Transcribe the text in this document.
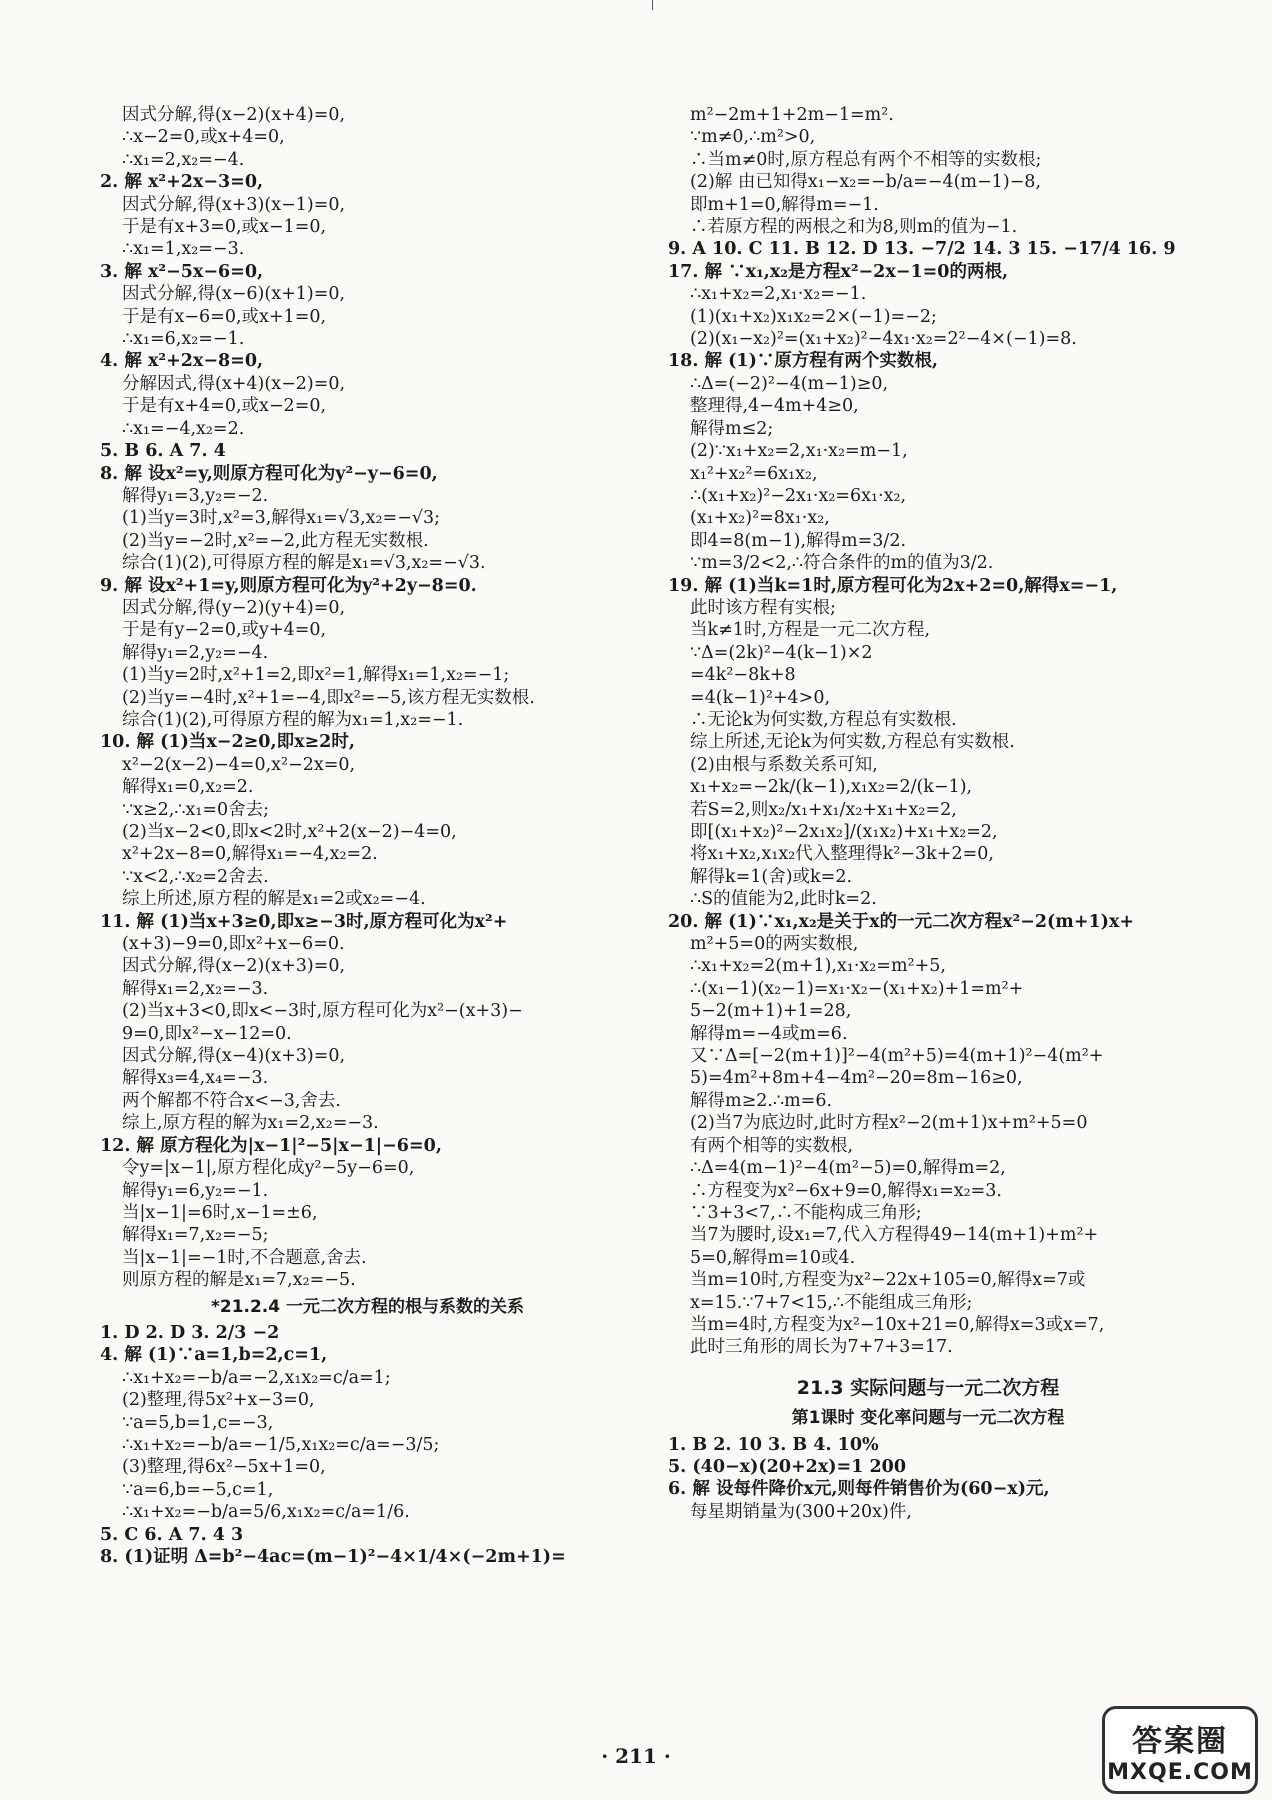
因式分解,得(x−2)(x+4)=0,
∴x−2=0,或x+4=0,
∴x₁=2,x₂=−4.
2. 解 x²+2x−3=0,
因式分解,得(x+3)(x−1)=0,
于是有x+3=0,或x−1=0,
∴x₁=1,x₂=−3.
3. 解 x²−5x−6=0,
因式分解,得(x−6)(x+1)=0,
于是有x−6=0,或x+1=0,
∴x₁=6,x₂=−1.
4. 解 x²+2x−8=0,
分解因式,得(x+4)(x−2)=0,
于是有x+4=0,或x−2=0,
∴x₁=−4,x₂=2.
5. B 6. A 7. 4
8. 解 设x²=y,则原方程可化为y²−y−6=0,
解得y₁=3,y₂=−2.
(1)当y=3时,x²=3,解得x₁=√3,x₂=−√3;
(2)当y=−2时,x²=−2,此方程无实数根.
综合(1)(2),可得原方程的解是x₁=√3,x₂=−√3.
9. 解 设x²+1=y,则原方程可化为y²+2y−8=0.
因式分解,得(y−2)(y+4)=0,
于是有y−2=0,或y+4=0,
解得y₁=2,y₂=−4.
(1)当y=2时,x²+1=2,即x²=1,解得x₁=1,x₂=−1;
(2)当y=−4时,x²+1=−4,即x²=−5,该方程无实数根.
综合(1)(2),可得原方程的解为x₁=1,x₂=−1.
10. 解 (1)当x−2≥0,即x≥2时,
x²−2(x−2)−4=0,x²−2x=0,
解得x₁=0,x₂=2.
∵x≥2,∴x₁=0舍去;
(2)当x−2<0,即x<2时,x²+2(x−2)−4=0,
x²+2x−8=0,解得x₁=−4,x₂=2.
∵x<2,∴x₂=2舍去.
综上所述,原方程的解是x₁=2或x₂=−4.
11. 解 (1)当x+3≥0,即x≥−3时,原方程可化为x²+
(x+3)−9=0,即x²+x−6=0.
因式分解,得(x−2)(x+3)=0,
解得x₁=2,x₂=−3.
(2)当x+3<0,即x<−3时,原方程可化为x²−(x+3)−
9=0,即x²−x−12=0.
因式分解,得(x−4)(x+3)=0,
解得x₃=4,x₄=−3.
两个解都不符合x<−3,舍去.
综上,原方程的解为x₁=2,x₂=−3.
12. 解 原方程化为|x−1|²−5|x−1|−6=0,
令y=|x−1|,原方程化成y²−5y−6=0,
解得y₁=6,y₂=−1.
当|x−1|=6时,x−1=±6,
解得x₁=7,x₂=−5;
当|x−1|=−1时,不合题意,舍去.
则原方程的解是x₁=7,x₂=−5.
*21.2.4 一元二次方程的根与系数的关系
1. D 2. D 3. 2/3 −2
4. 解 (1)∵a=1,b=2,c=1,
∴x₁+x₂=−b/a=−2,x₁x₂=c/a=1;
(2)整理,得5x²+x−3=0,
∵a=5,b=1,c=−3,
∴x₁+x₂=−b/a=−1/5,x₁x₂=c/a=−3/5;
(3)整理,得6x²−5x+1=0,
∵a=6,b=−5,c=1,
∴x₁+x₂=−b/a=5/6,x₁x₂=c/a=1/6.
5. C 6. A 7. 4 3
8. (1)证明 Δ=b²−4ac=(m−1)²−4×1/4×(−2m+1)=
m²−2m+1+2m−1=m².
∵m≠0,∴m²>0,
∴当m≠0时,原方程总有两个不相等的实数根;
(2)解 由已知得x₁−x₂=−b/a=−4(m−1)−8,
即m+1=0,解得m=−1.
∴若原方程的两根之和为8,则m的值为−1.
9. A 10. C 11. B 12. D 13. −7/2 14. 3 15. −17/4 16. 9
17. 解 ∵x₁,x₂是方程x²−2x−1=0的两根,
∴x₁+x₂=2,x₁·x₂=−1.
(1)(x₁+x₂)x₁x₂=2×(−1)=−2;
(2)(x₁−x₂)²=(x₁+x₂)²−4x₁·x₂=2²−4×(−1)=8.
18. 解 (1)∵原方程有两个实数根,
∴Δ=(−2)²−4(m−1)≥0,
整理得,4−4m+4≥0,
解得m≤2;
(2)∵x₁+x₂=2,x₁·x₂=m−1,
x₁²+x₂²=6x₁x₂,
∴(x₁+x₂)²−2x₁·x₂=6x₁·x₂,
(x₁+x₂)²=8x₁·x₂,
即4=8(m−1),解得m=3/2.
∵m=3/2<2,∴符合条件的m的值为3/2.
19. 解 (1)当k=1时,原方程可化为2x+2=0,解得x=−1,
此时该方程有实根;
当k≠1时,方程是一元二次方程,
∵Δ=(2k)²−4(k−1)×2
=4k²−8k+8
=4(k−1)²+4>0,
∴无论k为何实数,方程总有实数根.
综上所述,无论k为何实数,方程总有实数根.
(2)由根与系数关系可知,
x₁+x₂=−2k/(k−1),x₁x₂=2/(k−1),
若S=2,则x₂/x₁+x₁/x₂+x₁+x₂=2,
即[(x₁+x₂)²−2x₁x₂]/(x₁x₂)+x₁+x₂=2,
将x₁+x₂,x₁x₂代入整理得k²−3k+2=0,
解得k=1(舍)或k=2.
∴S的值能为2,此时k=2.
20. 解 (1)∵x₁,x₂是关于x的一元二次方程x²−2(m+1)x+
m²+5=0的两实数根,
∴x₁+x₂=2(m+1),x₁·x₂=m²+5,
∴(x₁−1)(x₂−1)=x₁·x₂−(x₁+x₂)+1=m²+
5−2(m+1)+1=28,
解得m=−4或m=6.
又∵Δ=[−2(m+1)]²−4(m²+5)=4(m+1)²−4(m²+
5)=4m²+8m+4−4m²−20=8m−16≥0,
解得m≥2.∴m=6.
(2)当7为底边时,此时方程x²−2(m+1)x+m²+5=0
有两个相等的实数根,
∴Δ=4(m−1)²−4(m²−5)=0,解得m=2,
∴方程变为x²−6x+9=0,解得x₁=x₂=3.
∵3+3<7,∴不能构成三角形;
当7为腰时,设x₁=7,代入方程得49−14(m+1)+m²+
5=0,解得m=10或4.
当m=10时,方程变为x²−22x+105=0,解得x=7或
x=15.∵7+7<15,∴不能组成三角形;
当m=4时,方程变为x²−10x+21=0,解得x=3或x=7,
此时三角形的周长为7+7+3=17.
21.3 实际问题与一元二次方程
第1课时 变化率问题与一元二次方程
1. B 2. 10 3. B 4. 10%
5. (40−x)(20+2x)=1 200
6. 解 设每件降价x元,则每件销售价为(60−x)元,
每星期销量为(300+20x)件,
· 211 ·	答案圈
MXQE.COM
